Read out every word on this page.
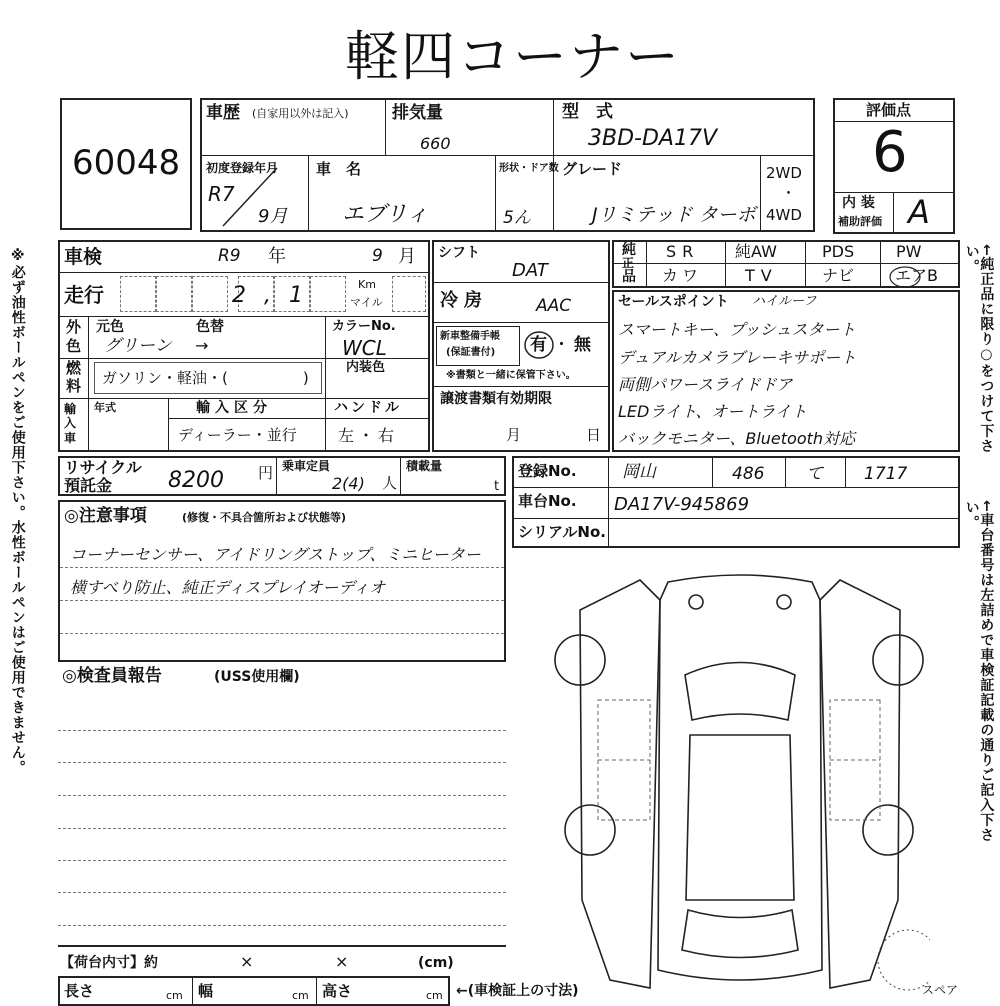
軽四コーナー
60048
※必ず油性ボールペンをご使用下さい。水性ボールペンはご使用できません。	←純正品に限り○をつけて下さい。
←車台番号は左詰めで車検証記載の通りご記入下さい。
車歴 (自家用以外は記入)	排気量
660
型　式
3BD-DA17V
初度登録年月
R7
9月
車　名
エブリィ
形状・ドア数
5ん
グレード
Jリミテッド ターボ
2WD
・
4WD
評価点
6
内 装
補助評価 A
車検	R9 年	9 月
走行	2,1	Km
マイル
外
色
元色	色替
グリーン →
カラーNo.
WCL
燃
料 ガソリン・軽油・(　　　　　)
内装色
輸入車
年式	輸入区分
ディーラー・並行
ハンドル
左・右
シフト
DAT
冷房	AAC
新車整備手帳
(保証書付) 有 ・ 無
※書類と一緒に保管下さい。
譲渡書類有効期限
月	日
純
正
品
SR 純AW	PDS	PW
カワ	TV	ナビ	エアB
セールスポイント ハイルーフ
スマートキー、プッシュスタート
デュアルカメラブレーキサポート
両側パワースライドドア
LEDライト、オートライト
バックモニター、Bluetooth対応
リサイクル
預託金	8200 円 乗車定員
2(4) 人
積載量
t
登録No.	岡山	486 て 1717
車台No. DA17V-945869
シリアルNo.
◎注意事項	(修復・不具合箇所および状態等)
コーナーセンサー、アイドリングストップ、ミニヒーター
横すべり防止、純正ディスプレイオーディオ
◎検査員報告	(USS使用欄)
【荷台内寸】約	×	×	(cm)
長さ	cm 幅	cm 高さ	cm ←(車検証上の寸法)	スペア
